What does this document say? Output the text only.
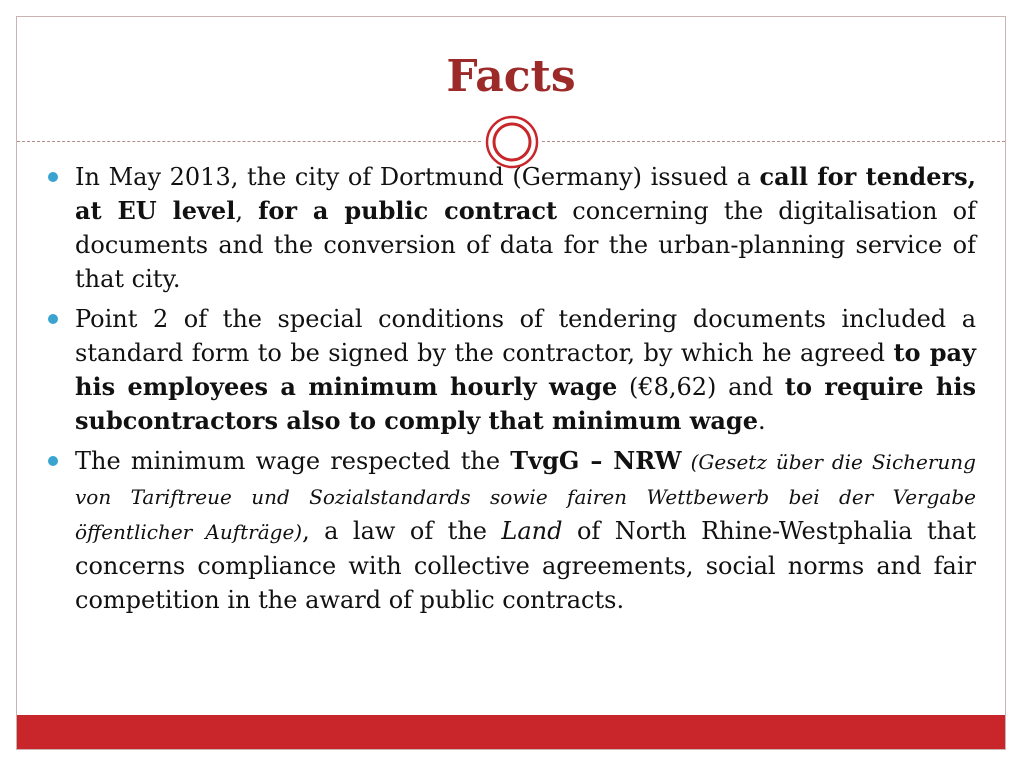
Facts
In May 2013, the city of Dortmund (Germany) issued a call for tenders, at EU level, for a public contract concerning the digitalisation of documents and the conversion of data for the urban-planning service of that city.
Point 2 of the special conditions of tendering documents included a standard form to be signed by the contractor, by which he agreed to pay his employees a minimum hourly wage (€8,62) and to require his subcontractors also to comply that minimum wage.
The minimum wage respected the TvgG – NRW (Gesetz über die Sicherung von Tariftreue und Sozialstandards sowie fairen Wettbewerb bei der Vergabe öffentlicher Aufträge), a law of the Land of North Rhine-Westphalia that concerns compliance with collective agreements, social norms and fair competition in the award of public contracts.
